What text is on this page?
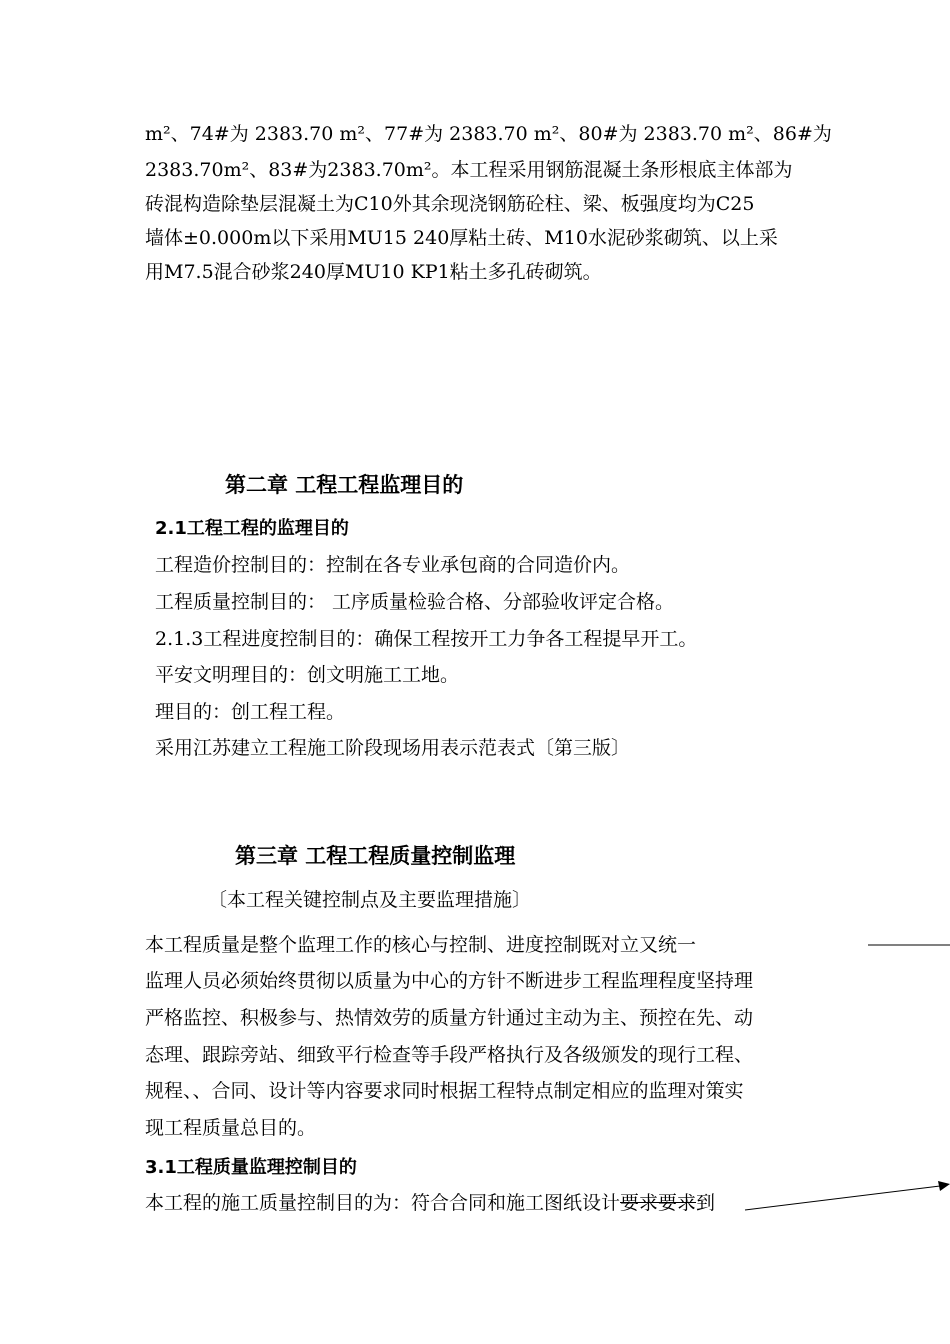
m²、74#为 2383.70 m²、77#为 2383.70 m²、80#为 2383.70 m²、86#为
2383.70m²、83#为2383.70m²。本工程采用钢筋混凝土条形根底主体部为
砖混构造除垫层混凝土为C10外其余现浇钢筋砼柱、梁、板强度均为C25
墙体±0.000m以下采用MU15 240厚粘土砖、M10水泥砂浆砌筑、以上采
用M7.5混合砂浆240厚MU10 KP1粘土多孔砖砌筑。
第二章 工程工程监理目的
2.1工程工程的监理目的
工程造价控制目的：控制在各专业承包商的合同造价内。
工程质量控制目的： 工序质量检验合格、分部验收评定合格。
2.1.3工程进度控制目的：确保工程按开工力争各工程提早开工。
平安文明理目的：创文明施工工地。
理目的：创工程工程。
采用江苏建立工程施工阶段现场用表示范表式〔第三版〕
第三章 工程工程质量控制监理
〔本工程关键控制点及主要监理措施〕
本工程质量是整个监理工作的核心与控制、进度控制既对立又统一
监理人员必须始终贯彻以质量为中心的方针不断进步工程监理程度坚持理
严格监控、积极参与、热情效劳的质量方针通过主动为主、预控在先、动
态理、跟踪旁站、细致平行检查等手段严格执行及各级颁发的现行工程、
规程、、合同、设计等内容要求同时根据工程特点制定相应的监理对策实
现工程质量总目的。
3.1工程质量监理控制目的
本工程的施工质量控制目的为：符合合同和施工图纸设计要求要求到
